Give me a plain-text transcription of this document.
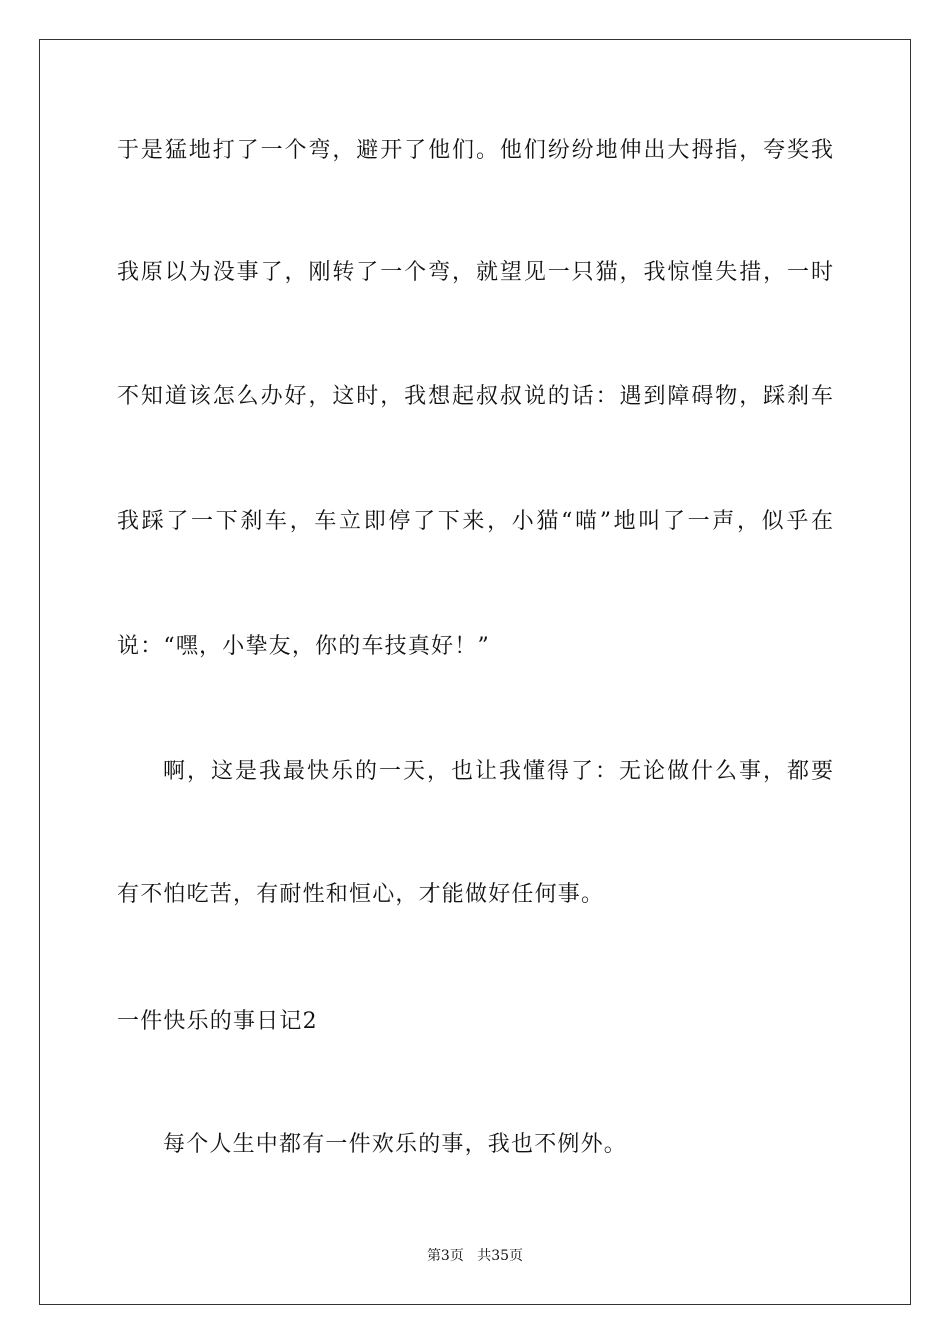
于是猛地打了一个弯，避开了他们。他们纷纷地伸出大拇指，夸奖我
我原以为没事了，刚转了一个弯，就望见一只猫，我惊惶失措，一时
不知道该怎么办好，这时，我想起叔叔说的话：遇到障碍物，踩刹车
我踩了一下刹车，车立即停了下来，小猫“喵”地叫了一声，似乎在
说：“嘿，小挚友，你的车技真好！”
啊，这是我最快乐的一天，也让我懂得了：无论做什么事，都要
有不怕吃苦，有耐性和恒心，才能做好任何事。
一件快乐的事日记2
每个人生中都有一件欢乐的事，我也不例外。
第3页 共35页
